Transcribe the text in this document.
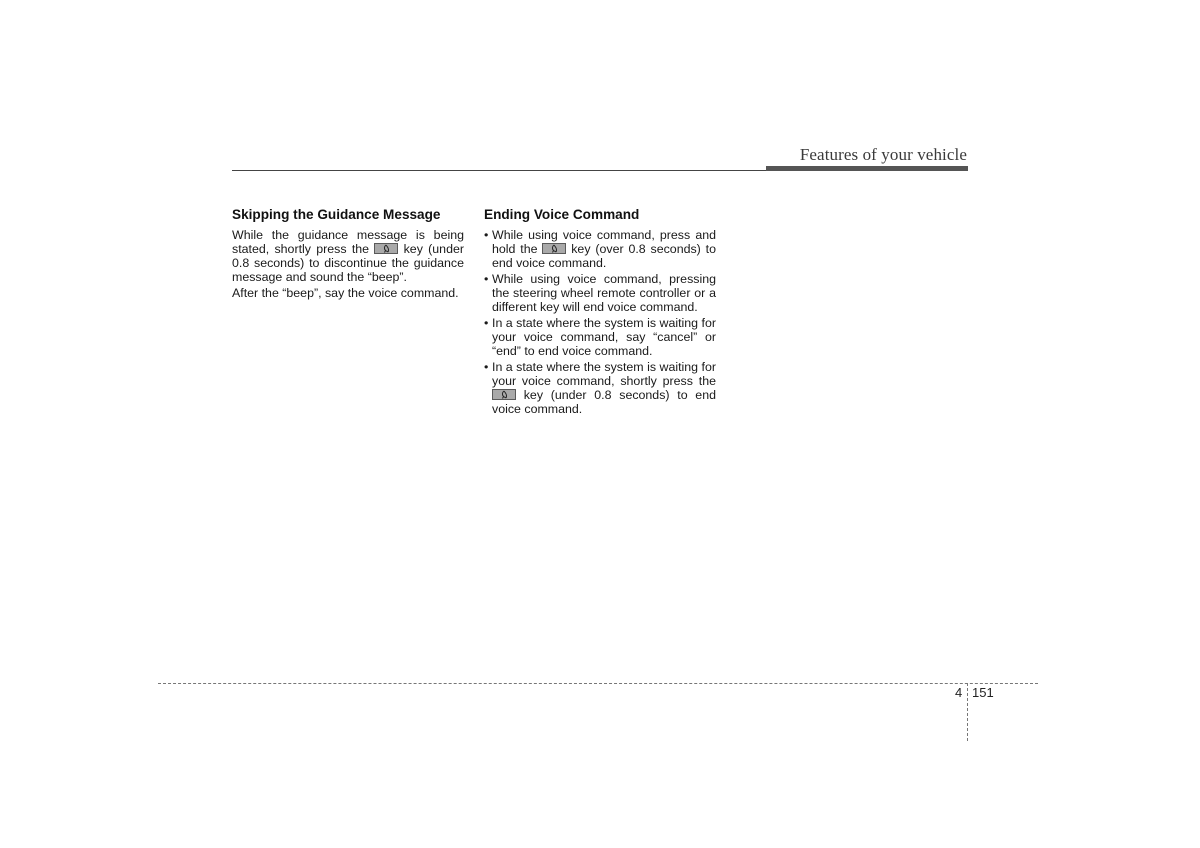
Features of your vehicle
Skipping the Guidance Message

While the guidance message is being stated, shortly press the	key (under 0.8 seconds) to discontinue the guidance message and sound the “beep”.

After the “beep”, say the voice command.

Ending Voice Command
• While using voice command, press and hold the	key (over 0.8 seconds) to end voice command.
• While using voice command, pressing the steering wheel remote controller or a different key will end voice command.
• In a state where the system is waiting for your voice command, say “cancel” or “end” to end voice command.
• In a state where the system is waiting for your voice command, shortly press the
key (under 0.8 seconds) to end voice command.
4 151
